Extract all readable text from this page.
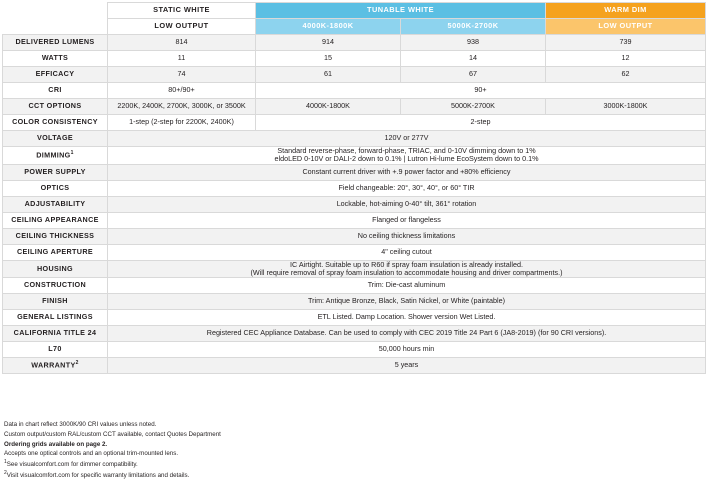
	STATIC WHITE	TUNABLE WHITE		WARM DIM
	LOW OUTPUT	4000K-1800K	5000K-2700K	LOW OUTPUT
DELIVERED LUMENS	814	914	938	739
WATTS	11	15	14	12
EFFICACY	74	61	67	62
CRI	80+/90+	90+		
CCT OPTIONS	2200K, 2400K, 2700K, 3000K, or 3500K	4000K-1800K	5000K-2700K	3000K-1800K
COLOR CONSISTENCY	1-step (2-step for 2200K, 2400K)	2-step		
VOLTAGE	120V or 277V			
DIMMING$^1$	Standard reverse-phase, forward-phase, TRIAC, and 0-10V dimming down to 1%
eldoLED 0-10V or DALI-2 down to 0.1% | Lutron Hi-lume EcoSystem down to 0.1%			
POWER SUPPLY	Constant current driver with +.9 power factor and +80% efficiency			
OPTICS	Field changeable: 20°, 30°, 40°, or 60° TIR			
ADJUSTABILITY	Lockable, hot-aiming 0-40° tilt, 361° rotation			
CEILING APPEARANCE	Flanged or flangeless			
CEILING THICKNESS	No ceiling thickness limitations			
CEILING APERTURE	4" ceiling cutout			
HOUSING	IC Airtight. Suitable up to R60 if spray foam insulation is already installed.
(Will require removal of spray foam insulation to accommodate housing and driver compartments.)			
CONSTRUCTION	Trim: Die-cast aluminum			
FINISH	Trim: Antique Bronze, Black, Satin Nickel, or White (paintable)			
GENERAL LISTINGS	ETL Listed. Damp Location. Shower version Wet Listed.			
CALIFORNIA TITLE 24	Registered CEC Appliance Database. Can be used to comply with CEC 2019 Title 24 Part 6 (JA8-2019) (for 90 CRI versions).			
L70	50,000 hours min			
WARRANTY$^2$	5 years			
Data in chart reflect 3000K/90 CRI values unless noted.
Custom output/custom RAL/custom CCT available, contact Quotes Department
Ordering grids available on page 2.
Accepts one optical controls and an optional trim-mounted lens.
$^1$See visualcomfort.com for dimmer compatibility.
$^2$Visit visualcomfort.com for specific warranty limitations and details.
